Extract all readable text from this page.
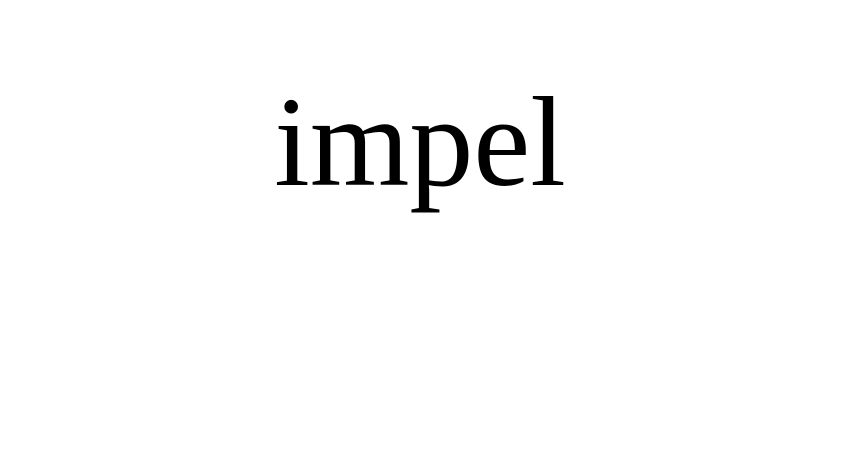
impel
